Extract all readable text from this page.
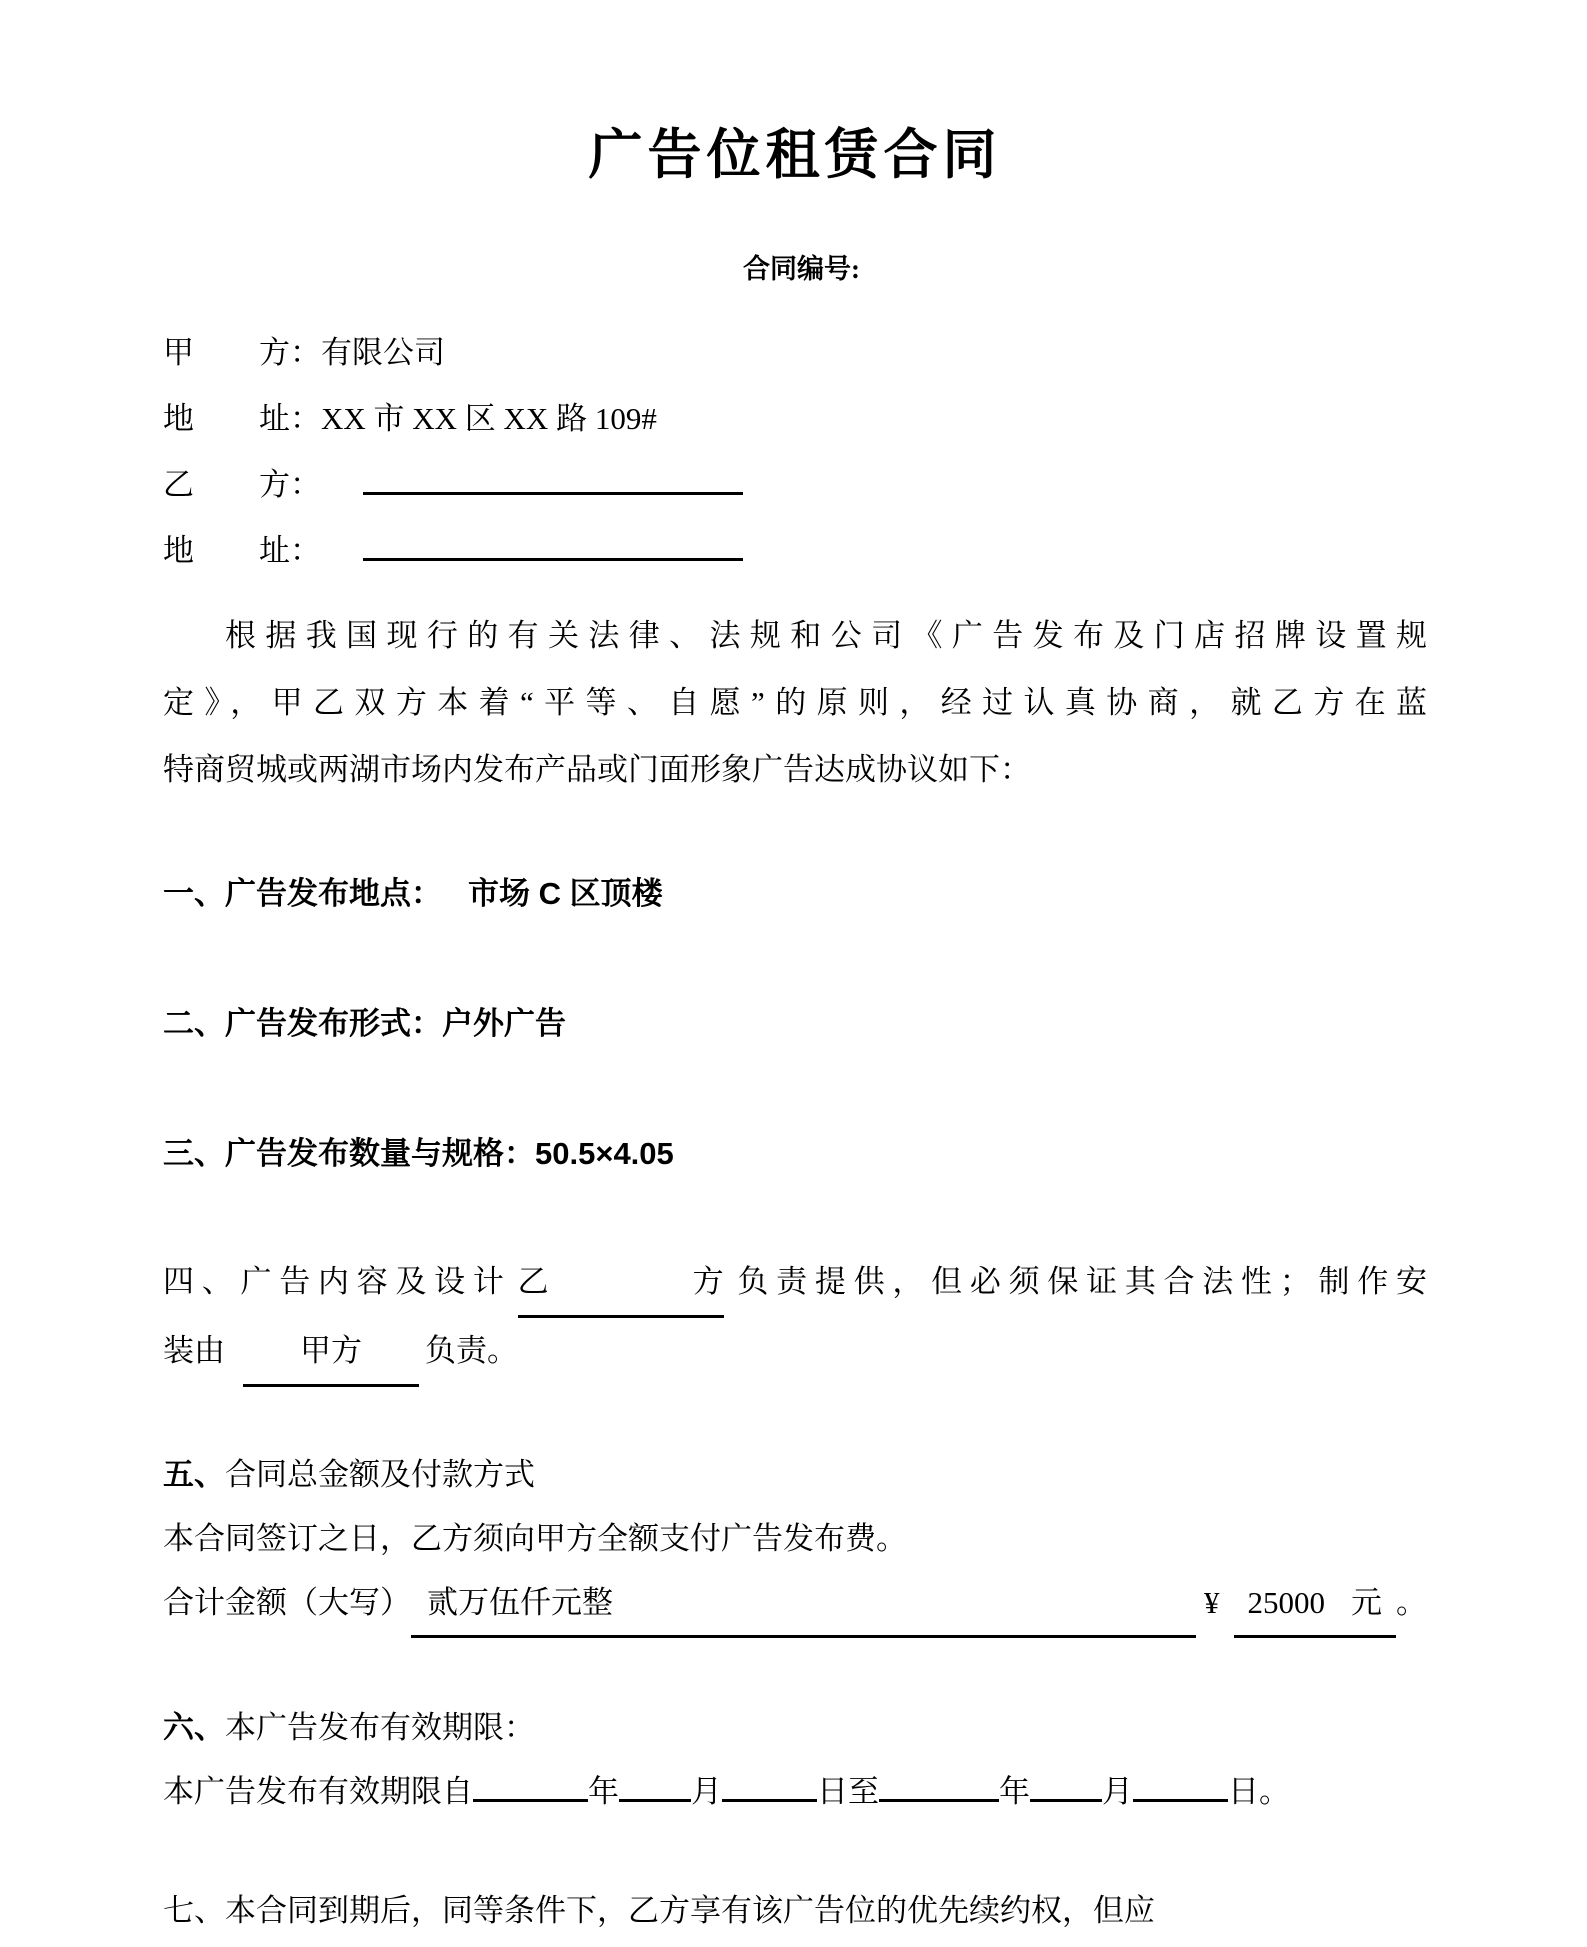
广告位租赁合同
合同编号:
甲 方：有限公司
地 址：XX 市 XX 区 XX 路 109#
乙 方：
地 址：
根据我国现行的有关法律、法规和公司《广告发布及门店招牌设置规
定》，甲乙双方本着“平等、自愿”的原则，经过认真协商，就乙方在蓝
特商贸城或两湖市场内发布产品或门面形象广告达成协议如下：
一、广告发布地点： 市场 C 区顶楼
二、广告发布形式：户外广告
三、广告发布数量与规格：50.5×4.05
四、广告内容及设计 乙方 负责提供，但必须保证其合法性；制作安
装由 甲方 负责。
五、合同总金额及付款方式
本合同签订之日，乙方须向甲方全额支付广告发布费。
合计金额（大写） 贰万伍仟元整	¥ 25000 元 。
六、本广告发布有效期限：
本广告发布有效期限自	年 月	日至	年 月	日。
七、本合同到期后，同等条件下，乙方享有该广告位的优先续约权，但应
